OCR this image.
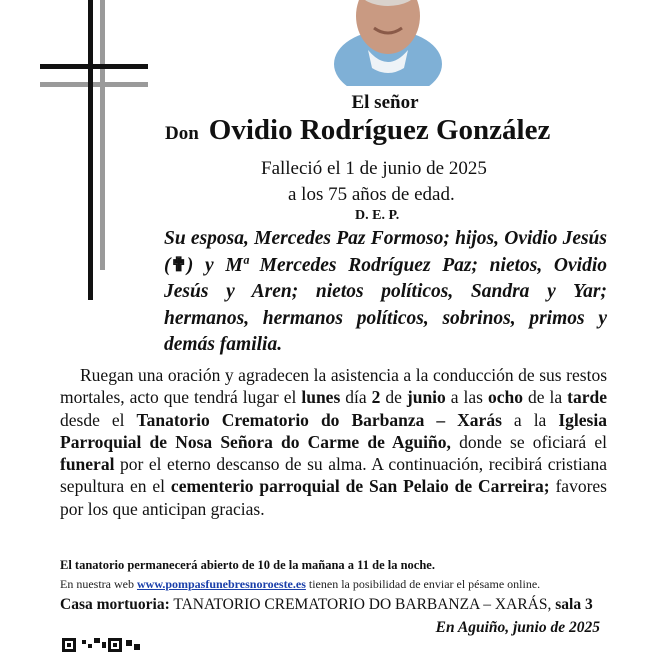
El señor
Don Ovidio Rodríguez González
Falleció el 1 de junio de 2025
a los 75 años de edad.
D. E. P.
Su esposa, Mercedes Paz Formoso; hijos, Ovidio Jesús (✟) y Mª Mercedes Rodríguez Paz; nietos, Ovidio Jesús y Aren; nietos políticos, Sandra y Yar; hermanos, hermanos políticos, sobrinos, primos y demás familia.
Ruegan una oración y agradecen la asistencia a la conducción de sus restos mortales, acto que tendrá lugar el lunes día 2 de junio a las ocho de la tarde desde el Tanatorio Crematorio do Barbanza – Xarás a la Iglesia Parroquial de Nosa Señora do Carme de Aguiño, donde se oficiará el funeral por el eterno descanso de su alma. A continuación, recibirá cristiana sepultura en el cementerio parroquial de San Pelaio de Carreira; favores por los que anticipan gracias.
El tanatorio permanecerá abierto de 10 de la mañana a 11 de la noche.
En nuestra web www.pompasfunebresnoroeste.es tienen la posibilidad de enviar el pésame online.
Casa mortuoria: TANATORIO CREMATORIO DO BARBANZA – XARÁS, sala 3
En Aguiño, junio de 2025
